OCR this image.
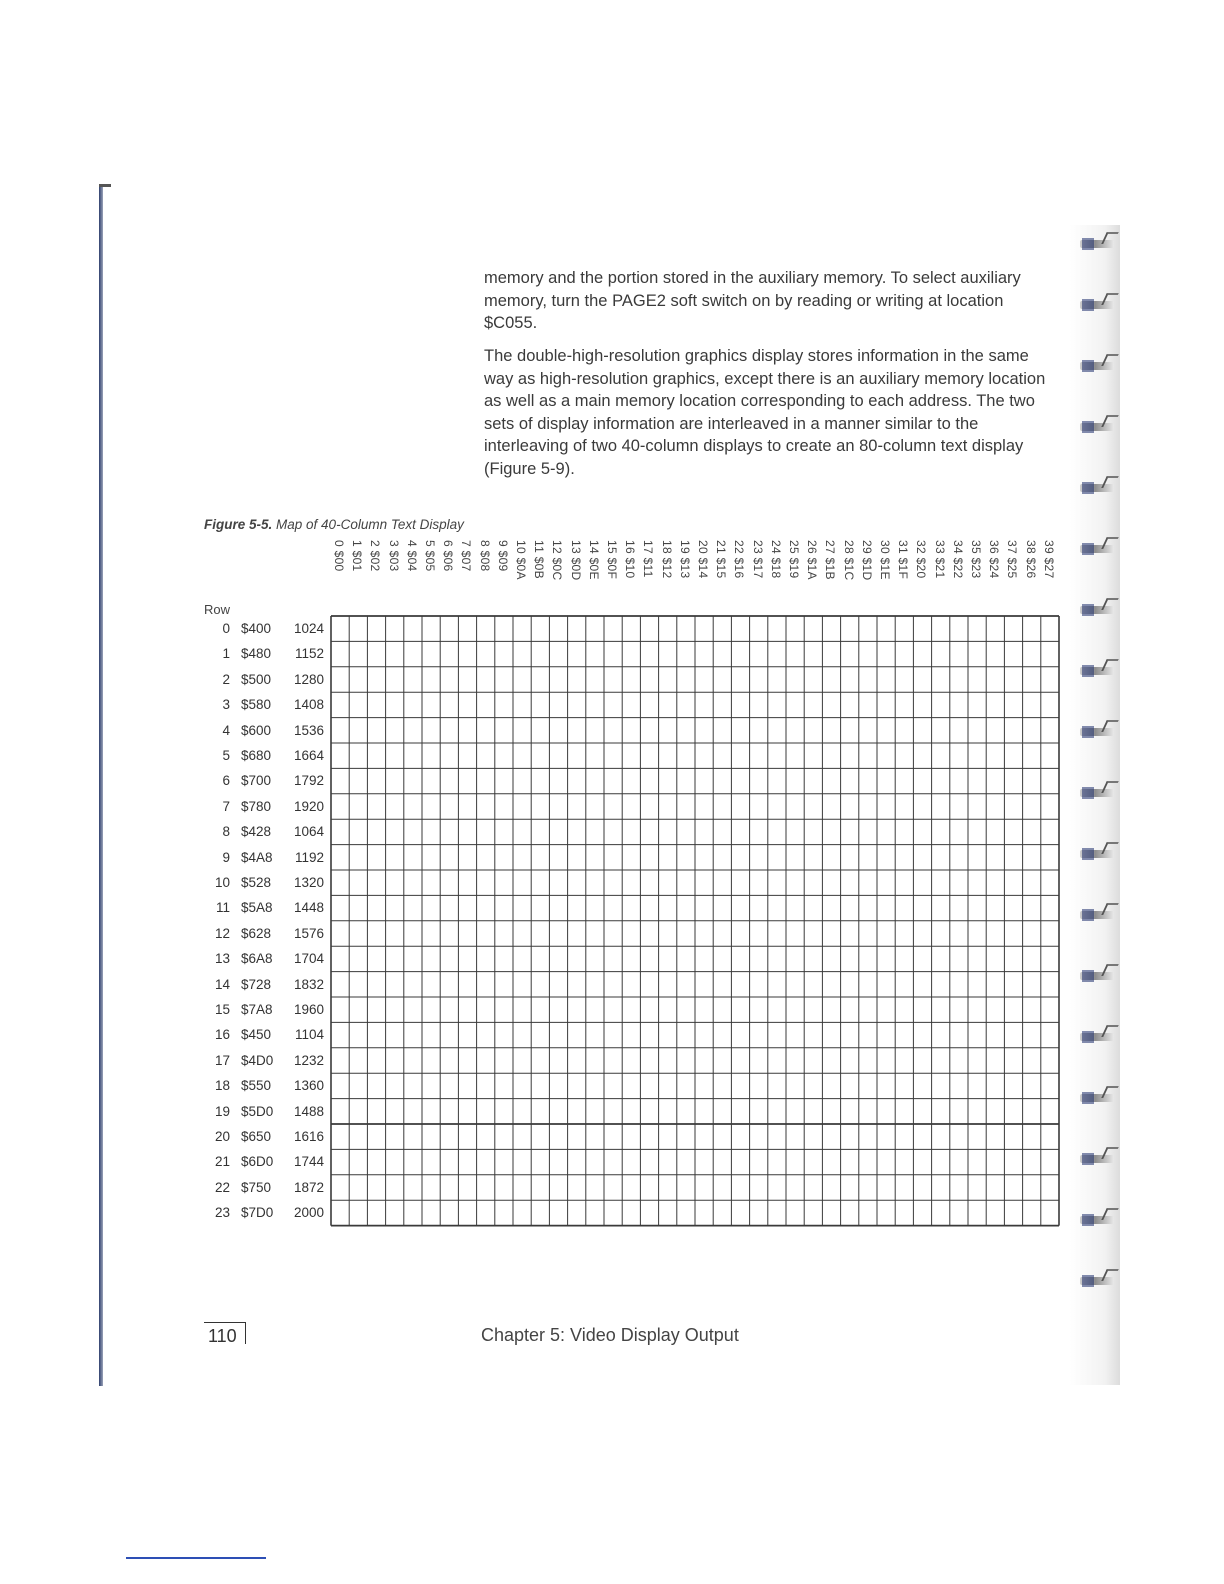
memory and the portion stored in the auxiliary memory. To select auxiliary memory, turn the PAGE2 soft switch on by reading or writing at location $C055.

The double-high-resolution graphics display stores information in the same way as high-resolution graphics, except there is an auxiliary memory location as well as a main memory location corresponding to each address. The two sets of display information are interleaved in a manner similar to the interleaving of two 40-column displays to create an 80-column text display (Figure 5-9).

Figure 5-5. Map of 40-Column Text Display
0 $00 1 $01 2 $02 3 $03 4 $04 5 $05 6 $06 7 $07 8 $08 9 $09 10 $0A 11 $0B 12 $0C 13 $0D 14 $0E 15 $0F 16 $10 17 $11 18 $12 19 $13 20 $14 21 $15 22 $16 23 $17 24 $18 25 $19 26 $1A 27 $1B 28 $1C 29 $1D 30 $1E 31 $1F 32 $20 33 $21 34 $22 35 $23 36 $24 37 $25 38 $26 39 $27
Row
0 $400 1024
1 $480 1152
2 $500 1280
3 $580 1408
4 $600 1536
5 $680 1664
6 $700 1792
7 $780 1920
8 $428 1064
9 $4A8 1192
10 $528 1320
11 $5A8 1448
12 $628 1576
13 $6A8 1704
14 $728 1832
15 $7A8 1960
16 $450 1104
17 $4D0 1232
18 $550 1360
19 $5D0 1488
20 $650 1616
21 $6D0 1744
22 $750 1872
23 $7D0 2000
110	Chapter 5: Video Display Output
